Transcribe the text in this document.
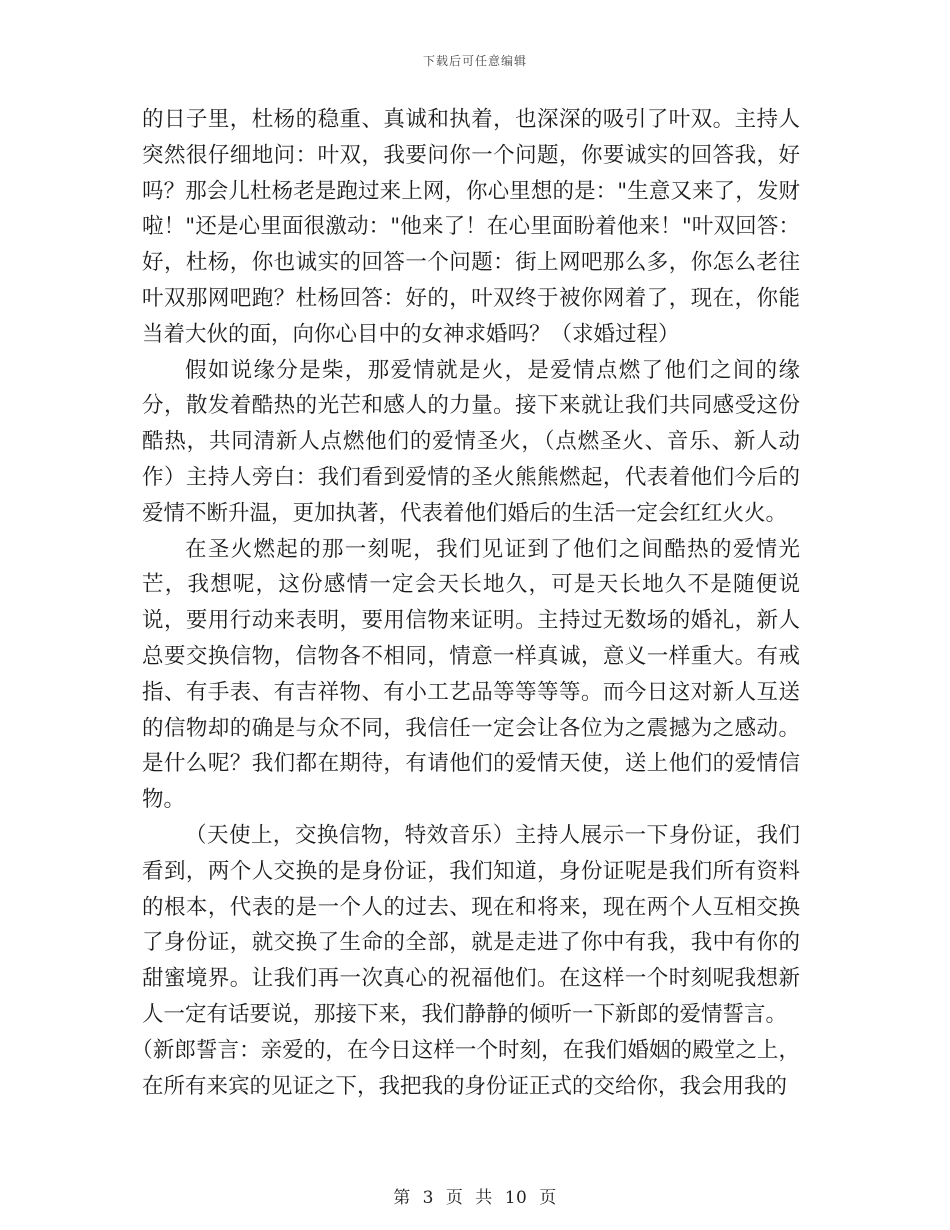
下载后可任意编辑

的日子里，杜杨的稳重、真诚和执着，也深深的吸引了叶双。主持人突然很仔细地问：叶双，我要问你一个问题，你要诚实的回答我，好吗？那会儿杜杨老是跑过来上网，你心里想的是："生意又来了，发财啦！"还是心里面很激动："他来了！在心里面盼着他来！"叶双回答：好，杜杨，你也诚实的回答一个问题：街上网吧那么多，你怎么老往叶双那网吧跑？杜杨回答：好的，叶双终于被你网着了，现在，你能当着大伙的面，向你心目中的女神求婚吗？（求婚过程）

假如说缘分是柴，那爱情就是火，是爱情点燃了他们之间的缘分，散发着酷热的光芒和感人的力量。接下来就让我们共同感受这份酷热，共同清新人点燃他们的爱情圣火，（点燃圣火、音乐、新人动作）主持人旁白：我们看到爱情的圣火熊熊燃起，代表着他们今后的爱情不断升温，更加执著，代表着他们婚后的生活一定会红红火火。

在圣火燃起的那一刻呢，我们见证到了他们之间酷热的爱情光芒，我想呢，这份感情一定会天长地久，可是天长地久不是随便说说，要用行动来表明，要用信物来证明。主持过无数场的婚礼，新人总要交换信物，信物各不相同，情意一样真诚，意义一样重大。有戒指、有手表、有吉祥物、有小工艺品等等等等。而今日这对新人互送的信物却的确是与众不同，我信任一定会让各位为之震撼为之感动。是什么呢？我们都在期待，有请他们的爱情天使，送上他们的爱情信物。

（天使上，交换信物，特效音乐）主持人展示一下身份证，我们看到，两个人交换的是身份证，我们知道，身份证呢是我们所有资料的根本，代表的是一个人的过去、现在和将来，现在两个人互相交换了身份证，就交换了生命的全部，就是走进了你中有我，我中有你的甜蜜境界。让我们再一次真心的祝福他们。在这样一个时刻呢我想新人一定有话要说，那接下来，我们静静的倾听一下新郎的爱情誓言。

（新郎誓言：亲爱的，在今日这样一个时刻，在我们婚姻的殿堂之上，在所有来宾的见证之下，我把我的身份证正式的交给你，我会用我的

第 3 页 共 10 页
